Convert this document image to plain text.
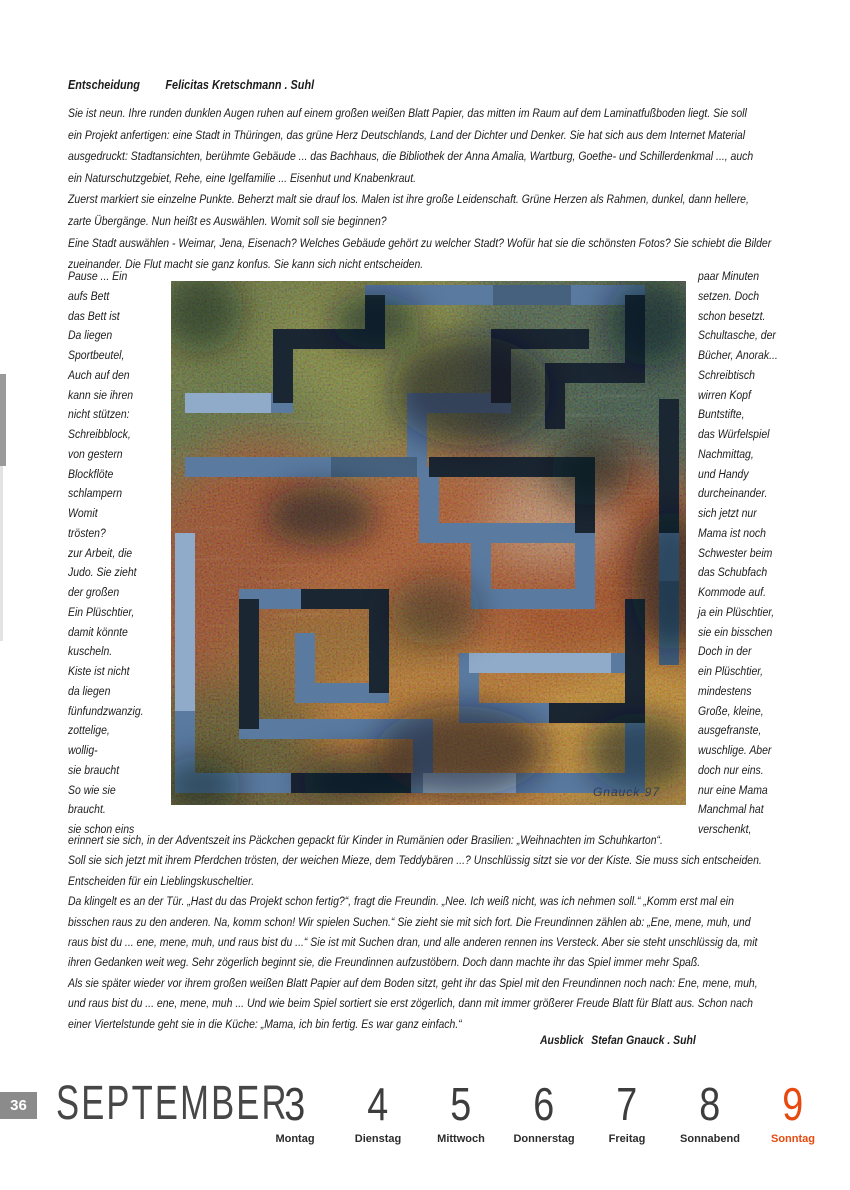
Entscheidung Felicitas Kretschmann . Suhl
Sie ist neun. Ihre runden dunklen Augen ruhen auf einem großen weißen Blatt Papier, das mitten im Raum auf dem Laminatfußboden liegt. Sie soll
ein Projekt anfertigen: eine Stadt in Thüringen, das grüne Herz Deutschlands, Land der Dichter und Denker. Sie hat sich aus dem Internet Material
ausgedruckt: Stadtansichten, berühmte Gebäude ... das Bachhaus, die Bibliothek der Anna Amalia, Wartburg, Goethe- und Schillerdenkmal ..., auch
ein Naturschutzgebiet, Rehe, eine Igelfamilie ... Eisenhut und Knabenkraut.
Zuerst markiert sie einzelne Punkte. Beherzt malt sie drauf los. Malen ist ihre große Leidenschaft. Grüne Herzen als Rahmen, dunkel, dann hellere,
zarte Übergänge. Nun heißt es Auswählen. Womit soll sie beginnen?
Eine Stadt auswählen - Weimar, Jena, Eisenach? Welches Gebäude gehört zu welcher Stadt? Wofür hat sie die schönsten Fotos? Sie schiebt die Bilder
zueinander. Die Flut macht sie ganz konfus. Sie kann sich nicht entscheiden.
Pause ... Ein
aufs Bett
das Bett ist
Da liegen
Sportbeutel,
Auch auf den
kann sie ihren
nicht stützen:
Schreibblock,
von gestern
Blockflöte
schlampern
Womit
trösten?
zur Arbeit, die
Judo. Sie zieht
der großen
Ein Plüschtier,
damit könnte
kuscheln.
Kiste ist nicht
da liegen
fünfundzwanzig.
zottelige,
wollig-
sie braucht
So wie sie
braucht.
sie schon eins
paar Minuten
setzen. Doch
schon besetzt.
Schultasche, der
Bücher, Anorak...
Schreibtisch
wirren Kopf
Buntstifte,
das Würfelspiel
Nachmittag,
und Handy
durcheinander.
sich jetzt nur
Mama ist noch
Schwester beim
das Schubfach
Kommode auf.
ja ein Plüschtier,
sie ein bisschen
Doch in der
ein Plüschtier,
mindestens
Große, kleine,
ausgefranste,
wuschlige. Aber
doch nur eins.
nur eine Mama
Manchmal hat
verschenkt,
Gnauck 97
erinnert sie sich, in der Adventszeit ins Päckchen gepackt für Kinder in Rumänien oder Brasilien: „Weihnachten im Schuhkarton“.
Soll sie sich jetzt mit ihrem Pferdchen trösten, der weichen Mieze, dem Teddybären ...? Unschlüssig sitzt sie vor der Kiste. Sie muss sich entscheiden.
Entscheiden für ein Lieblingskuscheltier.
Da klingelt es an der Tür. „Hast du das Projekt schon fertig?“, fragt die Freundin. „Nee. Ich weiß nicht, was ich nehmen soll.“ „Komm erst mal ein
bisschen raus zu den anderen. Na, komm schon! Wir spielen Suchen.“ Sie zieht sie mit sich fort. Die Freundinnen zählen ab: „Ene, mene, muh, und
raus bist du ... ene, mene, muh, und raus bist du ...“ Sie ist mit Suchen dran, und alle anderen rennen ins Versteck. Aber sie steht unschlüssig da, mit
ihren Gedanken weit weg. Sehr zögerlich beginnt sie, die Freundinnen aufzustöbern. Doch dann machte ihr das Spiel immer mehr Spaß.
Als sie später wieder vor ihrem großen weißen Blatt Papier auf dem Boden sitzt, geht ihr das Spiel mit den Freundinnen noch nach: Ene, mene, muh,
und raus bist du ... ene, mene, muh ... Und wie beim Spiel sortiert sie erst zögerlich, dann mit immer größerer Freude Blatt für Blatt aus. Schon nach
einer Viertelstunde geht sie in die Küche: „Mama, ich bin fertig. Es war ganz einfach.“
Ausblick Stefan Gnauck . Suhl
36 SEPTEMBER
3
Montag
4
Dienstag
5
Mittwoch
6
Donnerstag
7
Freitag
8
Sonnabend
9
Sonntag
